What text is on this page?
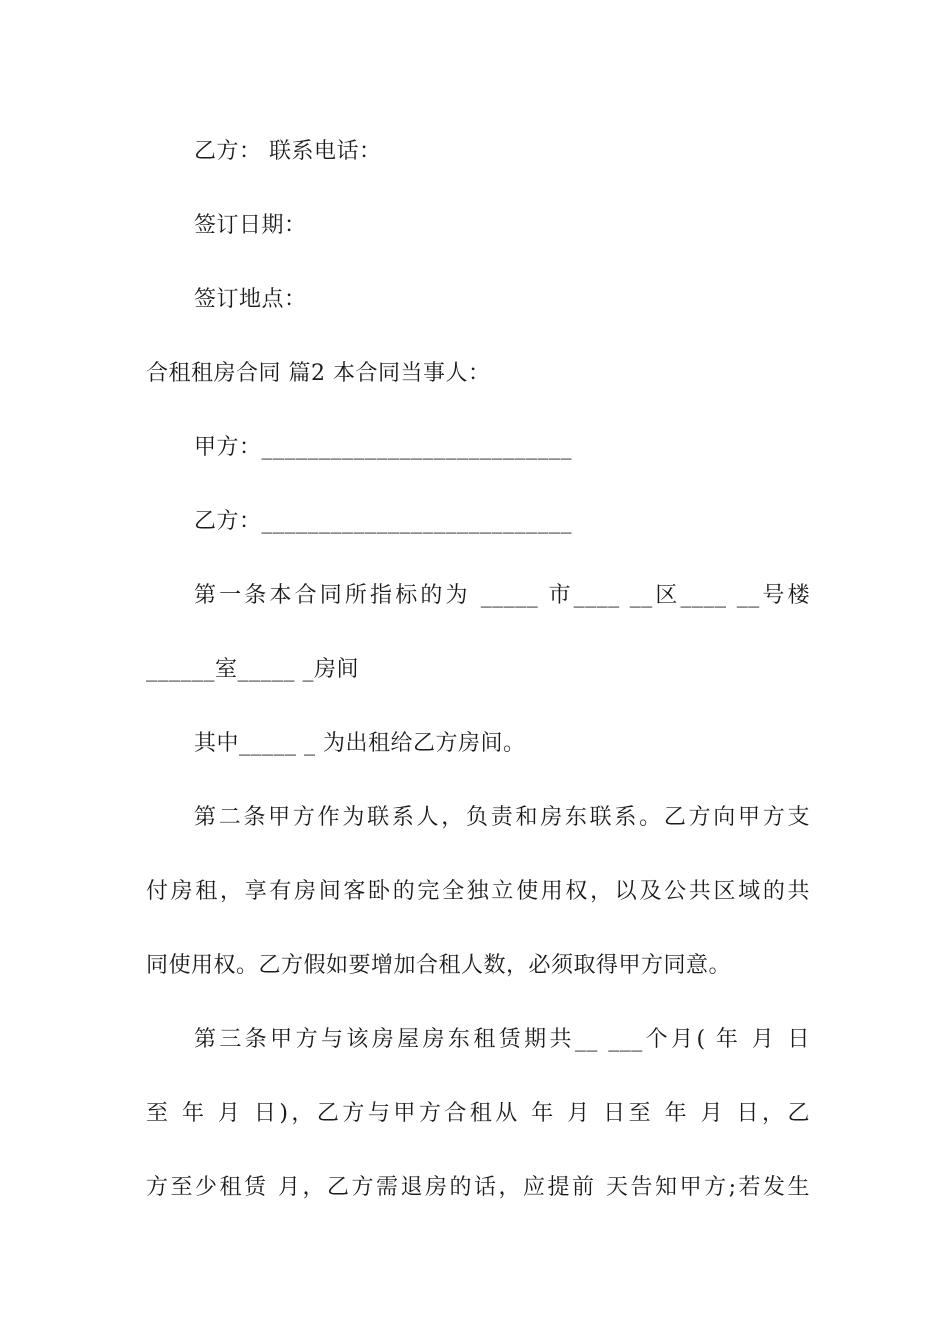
乙方： 联系电话：
签订日期：
签订地点：
合租租房合同 篇2 本合同当事人：
甲方：___________________________
乙方：___________________________
第一条本合同所指标的为 _____ 市____ __区____ __号楼
______室_____ _房间
其中_____ _ 为出租给乙方房间。
第二条甲方作为联系人，负责和房东联系。乙方向甲方支
付房租，享有房间客卧的完全独立使用权，以及公共区域的共
同使用权。乙方假如要增加合租人数，必须取得甲方同意。
第三条甲方与该房屋房东租赁期共__ ___个月( 年 月 日
至 年 月 日)，乙方与甲方合租从 年 月 日至 年 月 日，乙
方至少租赁 月，乙方需退房的话，应提前 天告知甲方;若发生
